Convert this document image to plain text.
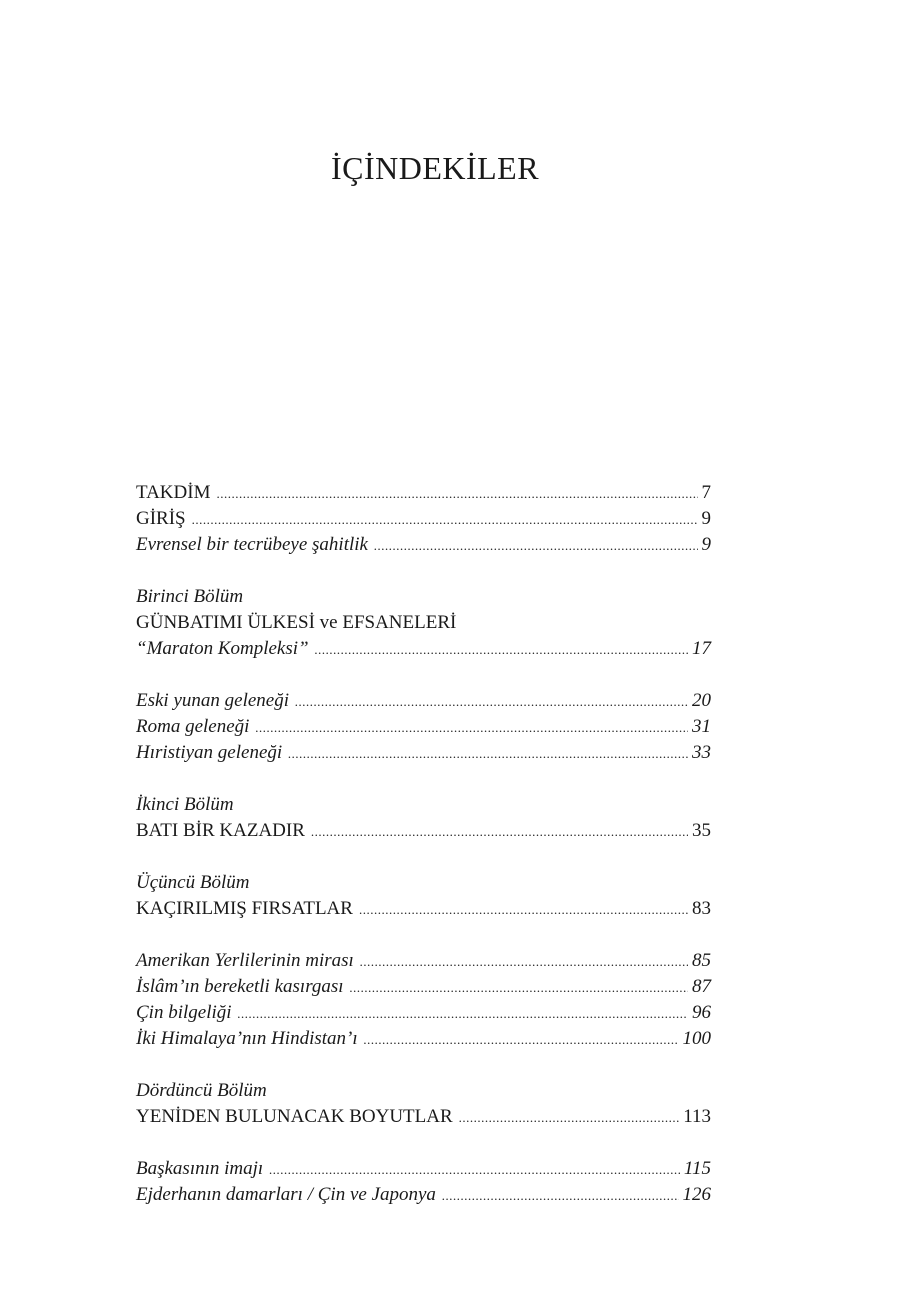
İÇİNDEKİLER
TAKDİM .....	7
GİRİŞ .....	9
Evrensel bir tecrübeye şahitlik .....	9
Birinci Bölüm
GÜNBATIMI ÜLKESİ ve EFSANELERİ
“Maraton Kompleksi” .....	17
Eski yunan geleneği .....	20
Roma geleneği .....	31
Hıristiyan geleneği .....	33
İkinci Bölüm
BATI BİR KAZADIR .....	35
Üçüncü Bölüm
KAÇIRILMIŞ FIRSATLAR .....	83
Amerikan Yerlilerinin mirası .....	85
İslâm’ın bereketli kasırgası .....	87
Çin bilgeliği .....	96
İki Himalaya’nın Hindistan’ı .....	100
Dördüncü Bölüm
YENİDEN BULUNACAK BOYUTLAR .....	113
Başkasının imajı .....	115
Ejderhanın damarları / Çin ve Japonya .....	126
